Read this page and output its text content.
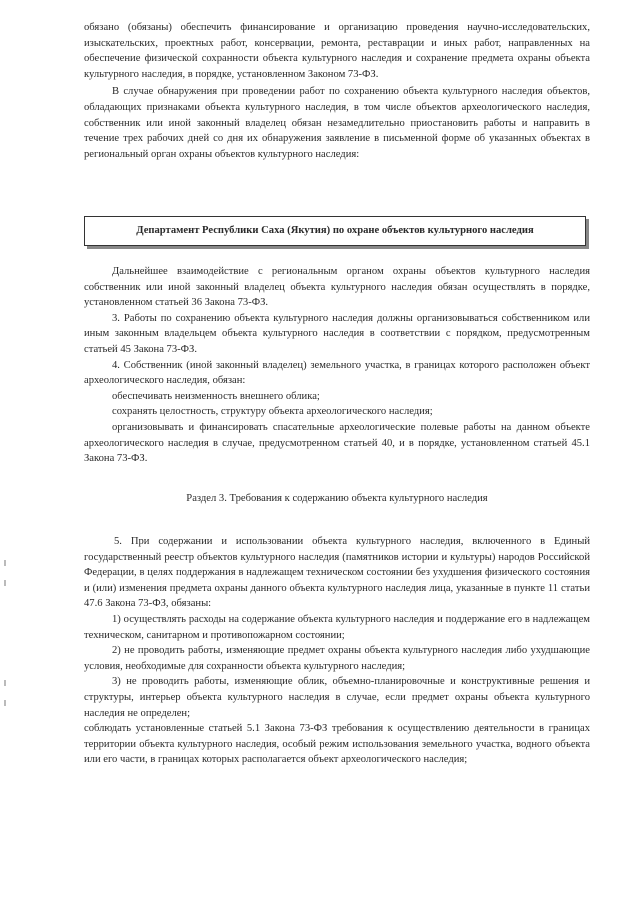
обязано (обязаны) обеспечить финансирование и организацию проведения научно-исследовательских, изыскательских, проектных работ, консервации, ремонта, реставрации и иных работ, направленных на обеспечение физической сохранности объекта культурного наследия и сохранение предмета охраны объекта культурного наследия, в порядке, установленном Законом 73-ФЗ.

В случае обнаружения при проведении работ по сохранению объекта культурного наследия объектов, обладающих признаками объекта культурного наследия, в том числе объектов археологического наследия, собственник или иной законный владелец обязан незамедлительно приостановить работы и направить в течение трех рабочих дней со дня их обнаружения заявление в письменной форме об указанных объектах в региональный орган охраны объектов культурного наследия:

Департамент Республики Саха (Якутия) по охране объектов культурного наследия

Дальнейшее взаимодействие с региональным органом охраны объектов культурного наследия собственник или иной законный владелец объекта культурного наследия обязан осуществлять в порядке, установленном статьей 36 Закона 73-ФЗ.

3. Работы по сохранению объекта культурного наследия должны организовываться собственником или иным законным владельцем объекта культурного наследия в соответствии с порядком, предусмотренным статьей 45 Закона 73-ФЗ.

4. Собственник (иной законный владелец) земельного участка, в границах которого расположен объект археологического наследия, обязан:

обеспечивать неизменность внешнего облика;

сохранять целостность, структуру объекта археологического наследия;

организовывать и финансировать спасательные археологические полевые работы на данном объекте археологического наследия в случае, предусмотренном статьей 40, и в порядке, установленном статьей 45.1 Закона 73-ФЗ.

Раздел 3. Требования к содержанию объекта культурного наследия

5. При содержании и использовании объекта культурного наследия, включенного в Единый государственный реестр объектов культурного наследия (памятников истории и культуры) народов Российской Федерации, в целях поддержания в надлежащем техническом состоянии без ухудшения физического состояния и (или) изменения предмета охраны данного объекта культурного наследия лица, указанные в пункте 11 статьи 47.6 Закона 73-ФЗ, обязаны:

1) осуществлять расходы на содержание объекта культурного наследия и поддержание его в надлежащем техническом, санитарном и противопожарном состоянии;

2) не проводить работы, изменяющие предмет охраны объекта культурного наследия либо ухудшающие условия, необходимые для сохранности объекта культурного наследия;

3) не проводить работы, изменяющие облик, объемно-планировочные и конструктивные решения и структуры, интерьер объекта культурного наследия в случае, если предмет охраны объекта культурного наследия не определен;

соблюдать установленные статьей 5.1 Закона 73-ФЗ требования к осуществлению деятельности в границах территории объекта культурного наследия, особый режим использования земельного участка, водного объекта или его части, в границах которых располагается объект археологического наследия;
